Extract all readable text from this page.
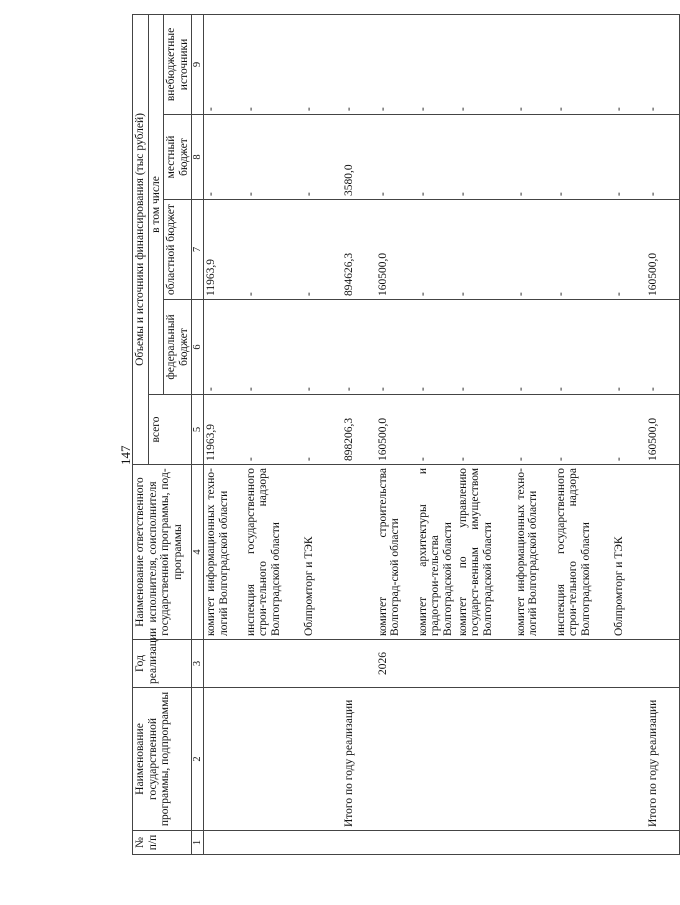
147
№ п/п	Наименование государственной программы, подпрограммы	Год реализации	Наименование ответственного исполнителя, соисполнителя государственной программы, под-программы	Объемы и источники финансирования (тыс рублей)				
				всего	в том числе			
					федеральный бюджет	областной бюджет	местный бюджет	внебюджетные источники
1	2	3	4	5	6	7	8	9
			комитет информационных техно-логий Волгоградской области	11963,9	-	11963,9	-	-
			инспекция государственного строи-тельного надзора Волгоградской области	-	-	-	-	-
			Облпромторг и ТЭК	-	-	-	-	-
	Итого по году реализации			898206,3	-	894626,3	3580,0	-
		2026	комитет строительства Волгоград-ской области	160500,0	-	160500,0	-	-
			комитет архитектуры и градострои-тельства Волгоградской области	-	-	-	-	-
			комитет по управлению государст-венным имуществом Волгоградской области	-	-	-	-	-
			комитет информационных техно-логий Волгоградской области	-	-	-	-	-
			инспекция государственного строи-тельного надзора Волгоградской области	-	-	-	-	-
			Облпромторг и ТЭК	-	-	-	-	-
	Итого по году реализации			160500,0	-	160500,0	-	-
